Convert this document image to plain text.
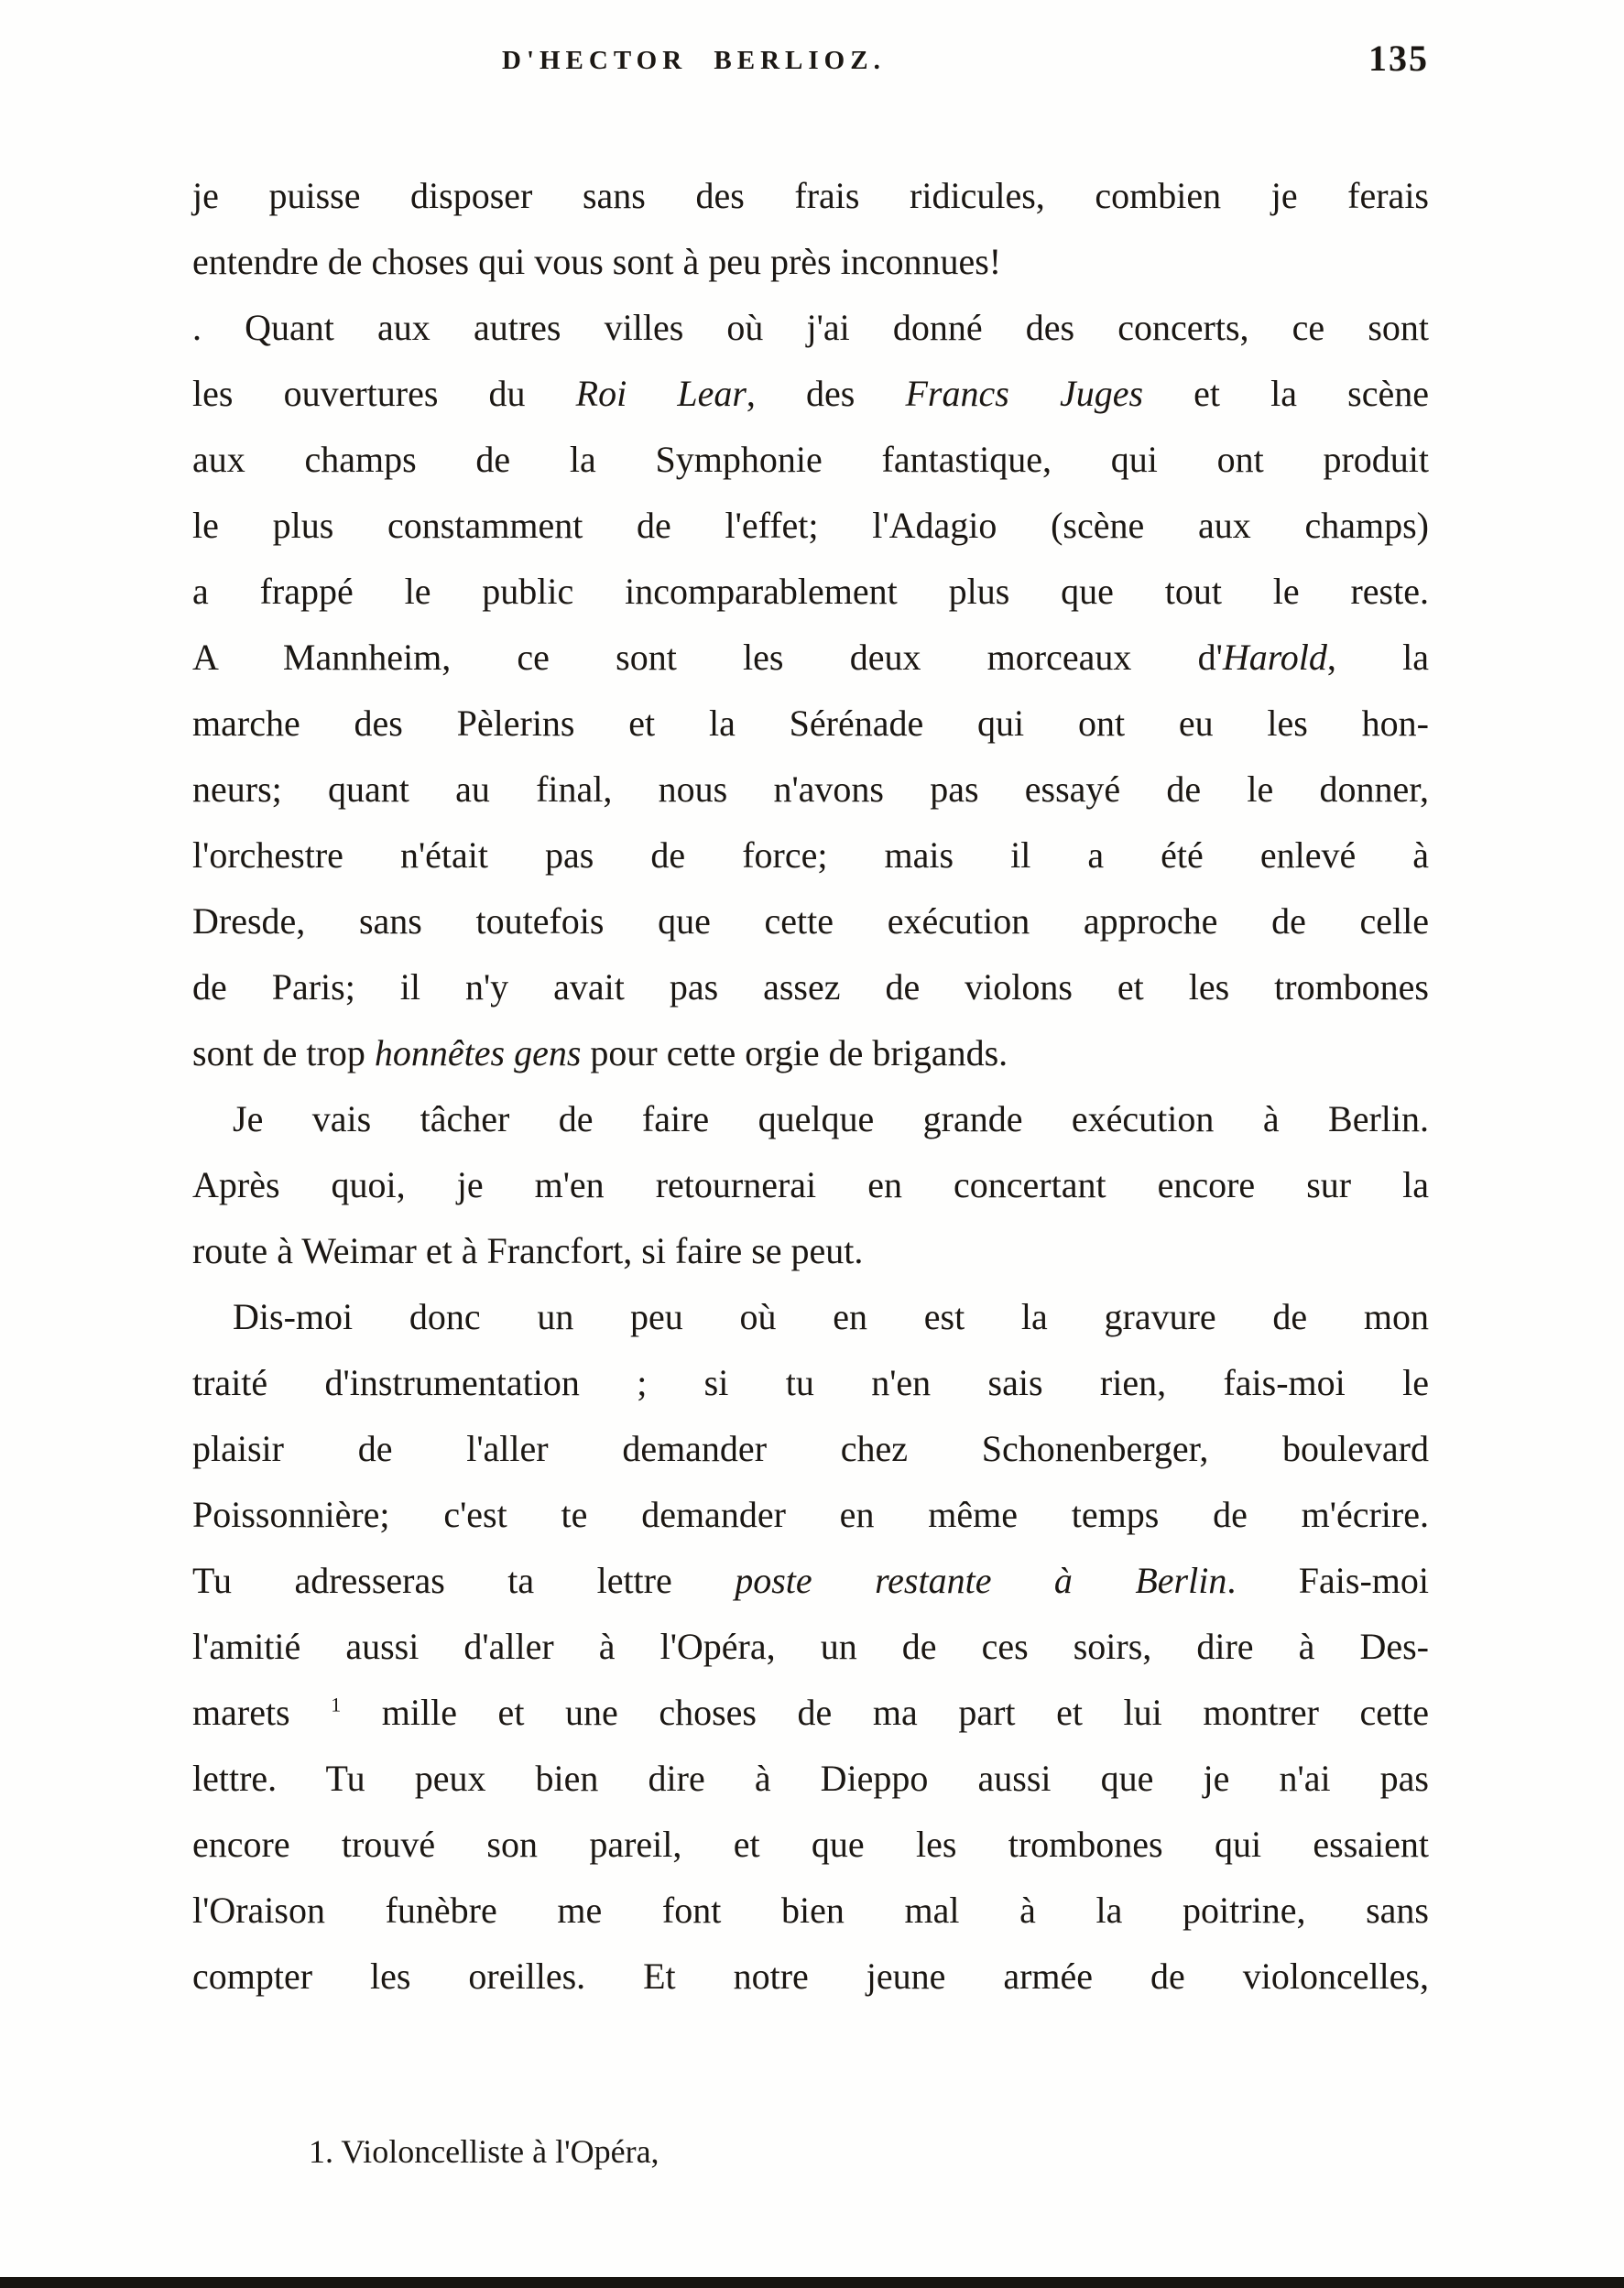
D'HECTOR BERLIOZ.	135
je puisse disposer sans des frais ridicules, combien je ferais
entendre de choses qui vous sont à peu près inconnues!
. Quant aux autres villes où j'ai donné des concerts, ce sont
les ouvertures du Roi Lear, des Francs Juges et la scène
aux champs de la Symphonie fantastique, qui ont produit
le plus constamment de l'effet; l'Adagio (scène aux champs)
a frappé le public incomparablement plus que tout le reste.
A Mannheim, ce sont les deux morceaux d'Harold, la
marche des Pèlerins et la Sérénade qui ont eu les hon-
neurs; quant au final, nous n'avons pas essayé de le donner,
l'orchestre n'était pas de force; mais il a été enlevé à
Dresde, sans toutefois que cette exécution approche de celle
de Paris; il n'y avait pas assez de violons et les trombones
sont de trop honnêtes gens pour cette orgie de brigands.
Je vais tâcher de faire quelque grande exécution à Berlin.
Après quoi, je m'en retournerai en concertant encore sur la
route à Weimar et à Francfort, si faire se peut.
Dis-moi donc un peu où en est la gravure de mon
traité d'instrumentation ; si tu n'en sais rien, fais-moi le
plaisir de l'aller demander chez Schonenberger, boulevard
Poissonnière; c'est te demander en même temps de m'écrire.
Tu adresseras ta lettre poste restante à Berlin. Fais-moi
l'amitié aussi d'aller à l'Opéra, un de ces soirs, dire à Des-
marets $^1$ mille et une choses de ma part et lui montrer cette
lettre. Tu peux bien dire à Dieppo aussi que je n'ai pas
encore trouvé son pareil, et que les trombones qui essaient
l'Oraison funèbre me font bien mal à la poitrine, sans
compter les oreilles. Et notre jeune armée de violoncelles,
1. Violoncelliste à l'Opéra,
